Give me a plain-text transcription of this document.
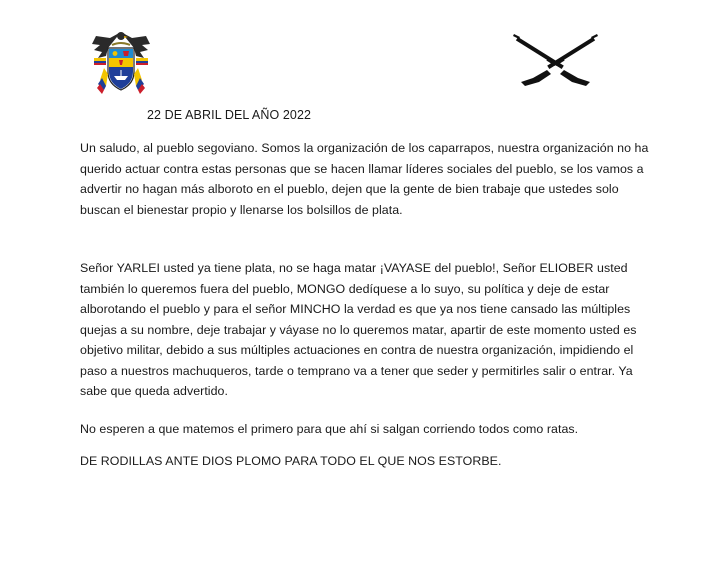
22 DE ABRIL DEL AÑO 2022
Un saludo, al pueblo segoviano. Somos la organización de los caparrapos, nuestra organización no ha querido actuar contra estas personas que se hacen llamar líderes sociales del pueblo, se los vamos a advertir no hagan más alboroto en el pueblo, dejen que la gente de bien trabaje que ustedes solo buscan el bienestar propio y llenarse los bolsillos de plata.
Señor YARLEI usted ya tiene plata, no se haga matar ¡VAYASE del pueblo!, Señor ELIOBER usted también lo queremos fuera del pueblo, MONGO dedíquese a lo suyo, su política y deje de estar alborotando el pueblo y para el señor MINCHO la verdad es que ya nos tiene cansado las múltiples quejas a su nombre, deje trabajar y váyase no lo queremos matar, apartir de este momento usted es objetivo militar, debido a sus múltiples actuaciones en contra de nuestra organización, impidiendo el paso a nuestros machuqueros, tarde o temprano va a tener que seder y permitirles salir o entrar. Ya sabe que queda advertido.
No esperen a que matemos el primero para que ahí si salgan corriendo todos como ratas.
DE RODILLAS ANTE DIOS PLOMO PARA TODO EL QUE NOS ESTORBE.
